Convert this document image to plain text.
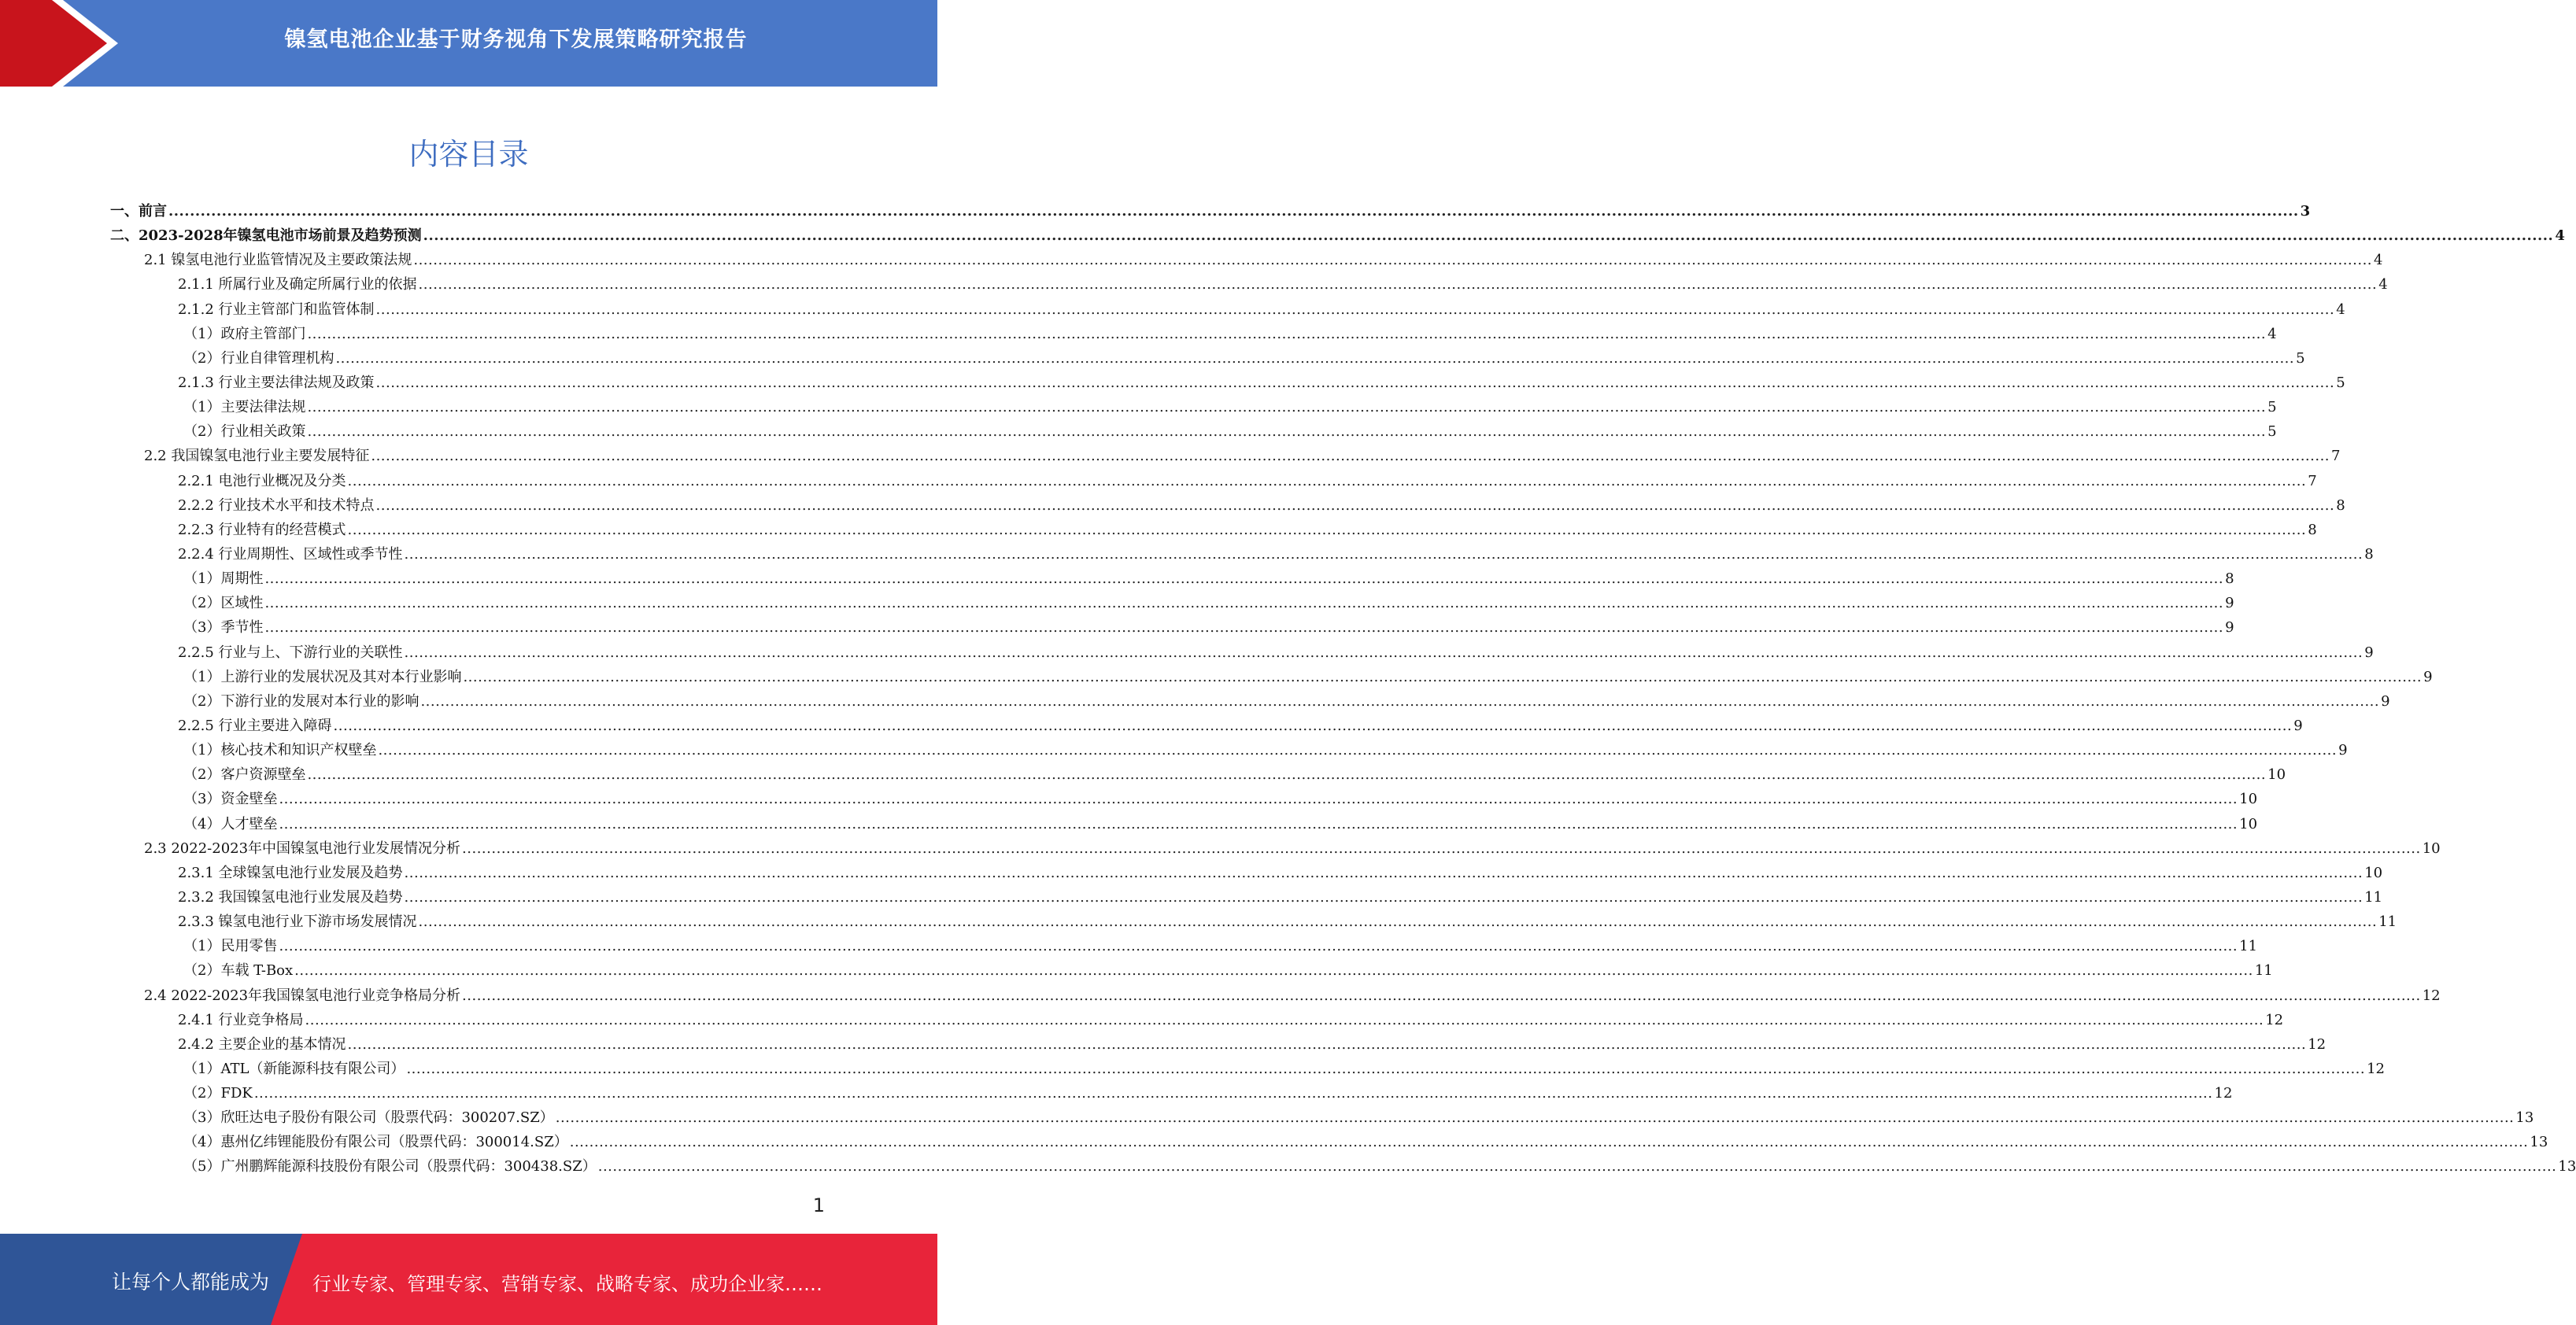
镍氢电池企业基于财务视角下发展策略研究报告
内容目录
一、前言 ................................................................................................................................................................................................................................................................................................................................................................................................................ 3
二、2023-2028年镍氢电池市场前景及趋势预测 ................................................................................................................................................................................................................................................................................................................................................................................................................ 4
2.1 镍氢电池行业监管情况及主要政策法规 ................................................................................................................................................................................................................................................................................................................................................................................................................ 4
2.1.1 所属行业及确定所属行业的依据 ................................................................................................................................................................................................................................................................................................................................................................................................................ 4
2.1.2 行业主管部门和监管体制 ................................................................................................................................................................................................................................................................................................................................................................................................................ 4
（1）政府主管部门 ................................................................................................................................................................................................................................................................................................................................................................................................................ 4
（2）行业自律管理机构 ................................................................................................................................................................................................................................................................................................................................................................................................................ 5
2.1.3 行业主要法律法规及政策 ................................................................................................................................................................................................................................................................................................................................................................................................................ 5
（1）主要法律法规 ................................................................................................................................................................................................................................................................................................................................................................................................................ 5
（2）行业相关政策 ................................................................................................................................................................................................................................................................................................................................................................................................................ 5
2.2 我国镍氢电池行业主要发展特征 ................................................................................................................................................................................................................................................................................................................................................................................................................ 7
2.2.1 电池行业概况及分类 ................................................................................................................................................................................................................................................................................................................................................................................................................ 7
2.2.2 行业技术水平和技术特点 ................................................................................................................................................................................................................................................................................................................................................................................................................ 8
2.2.3 行业特有的经营模式 ................................................................................................................................................................................................................................................................................................................................................................................................................ 8
2.2.4 行业周期性、区域性或季节性 ................................................................................................................................................................................................................................................................................................................................................................................................................ 8
（1）周期性 ................................................................................................................................................................................................................................................................................................................................................................................................................ 8
（2）区域性 ................................................................................................................................................................................................................................................................................................................................................................................................................ 9
（3）季节性 ................................................................................................................................................................................................................................................................................................................................................................................................................ 9
2.2.5 行业与上、下游行业的关联性 ................................................................................................................................................................................................................................................................................................................................................................................................................ 9
（1）上游行业的发展状况及其对本行业影响 ................................................................................................................................................................................................................................................................................................................................................................................................................ 9
（2）下游行业的发展对本行业的影响 ................................................................................................................................................................................................................................................................................................................................................................................................................ 9
2.2.5 行业主要进入障碍 ................................................................................................................................................................................................................................................................................................................................................................................................................ 9
（1）核心技术和知识产权壁垒 ................................................................................................................................................................................................................................................................................................................................................................................................................ 9
（2）客户资源壁垒 ................................................................................................................................................................................................................................................................................................................................................................................................................ 10
（3）资金壁垒 ................................................................................................................................................................................................................................................................................................................................................................................................................ 10
（4）人才壁垒 ................................................................................................................................................................................................................................................................................................................................................................................................................ 10
2.3 2022-2023年中国镍氢电池行业发展情况分析 ................................................................................................................................................................................................................................................................................................................................................................................................................ 10
2.3.1 全球镍氢电池行业发展及趋势 ................................................................................................................................................................................................................................................................................................................................................................................................................ 10
2.3.2 我国镍氢电池行业发展及趋势 ................................................................................................................................................................................................................................................................................................................................................................................................................ 11
2.3.3 镍氢电池行业下游市场发展情况 ................................................................................................................................................................................................................................................................................................................................................................................................................ 11
（1）民用零售 ................................................................................................................................................................................................................................................................................................................................................................................................................ 11
（2）车载 T-Box ................................................................................................................................................................................................................................................................................................................................................................................................................ 11
2.4 2022-2023年我国镍氢电池行业竞争格局分析 ................................................................................................................................................................................................................................................................................................................................................................................................................ 12
2.4.1 行业竞争格局 ................................................................................................................................................................................................................................................................................................................................................................................................................ 12
2.4.2 主要企业的基本情况 ................................................................................................................................................................................................................................................................................................................................................................................................................ 12
（1）ATL（新能源科技有限公司） ................................................................................................................................................................................................................................................................................................................................................................................................................ 12
（2）FDK ................................................................................................................................................................................................................................................................................................................................................................................................................ 12
（3）欣旺达电子股份有限公司（股票代码：300207.SZ） ................................................................................................................................................................................................................................................................................................................................................................................................................ 13
（4）惠州亿纬锂能股份有限公司（股票代码：300014.SZ） ................................................................................................................................................................................................................................................................................................................................................................................................................ 13
（5）广州鹏辉能源科技股份有限公司（股票代码：300438.SZ） ................................................................................................................................................................................................................................................................................................................................................................................................................ 13
1
让每个人都能成为 行业专家、管理专家、营销专家、战略专家、成功企业家……
